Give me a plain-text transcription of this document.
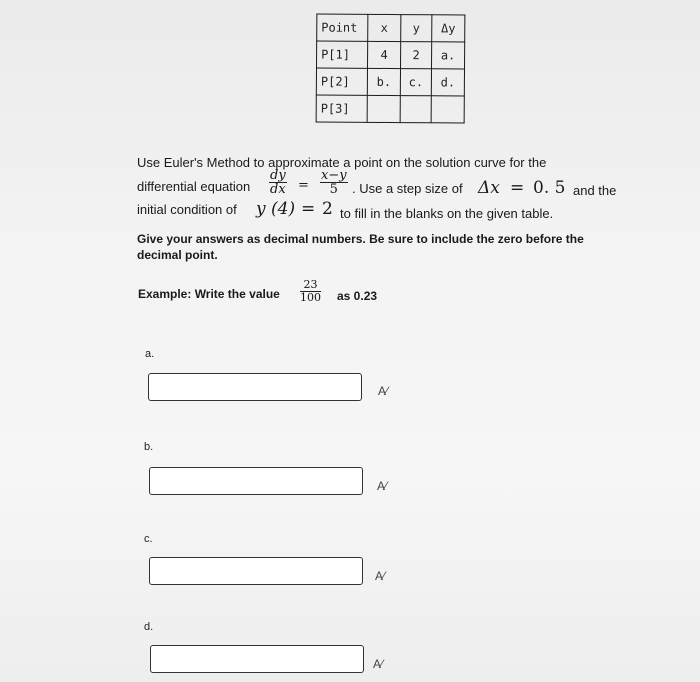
Point	x	y	Δy
P[1]	4	2	a.
P[2]	b.	c.	d.
P[3]			
Use Euler's Method to approximate a point on the solution curve for the
differential equation $\frac{dy}{dx} = \frac{x-y}{5}$ . Use a step size of Δx = 0. 5 and the
initial condition of y (4) = 2 to fill in the blanks on the given table.
Give your answers as decimal numbers. Be sure to include the zero before the
decimal point.
Example: Write the value $\frac{23}{100}$ as 0.23
a.
A⁄
b.
A⁄
c.
A⁄
d.
A⁄
